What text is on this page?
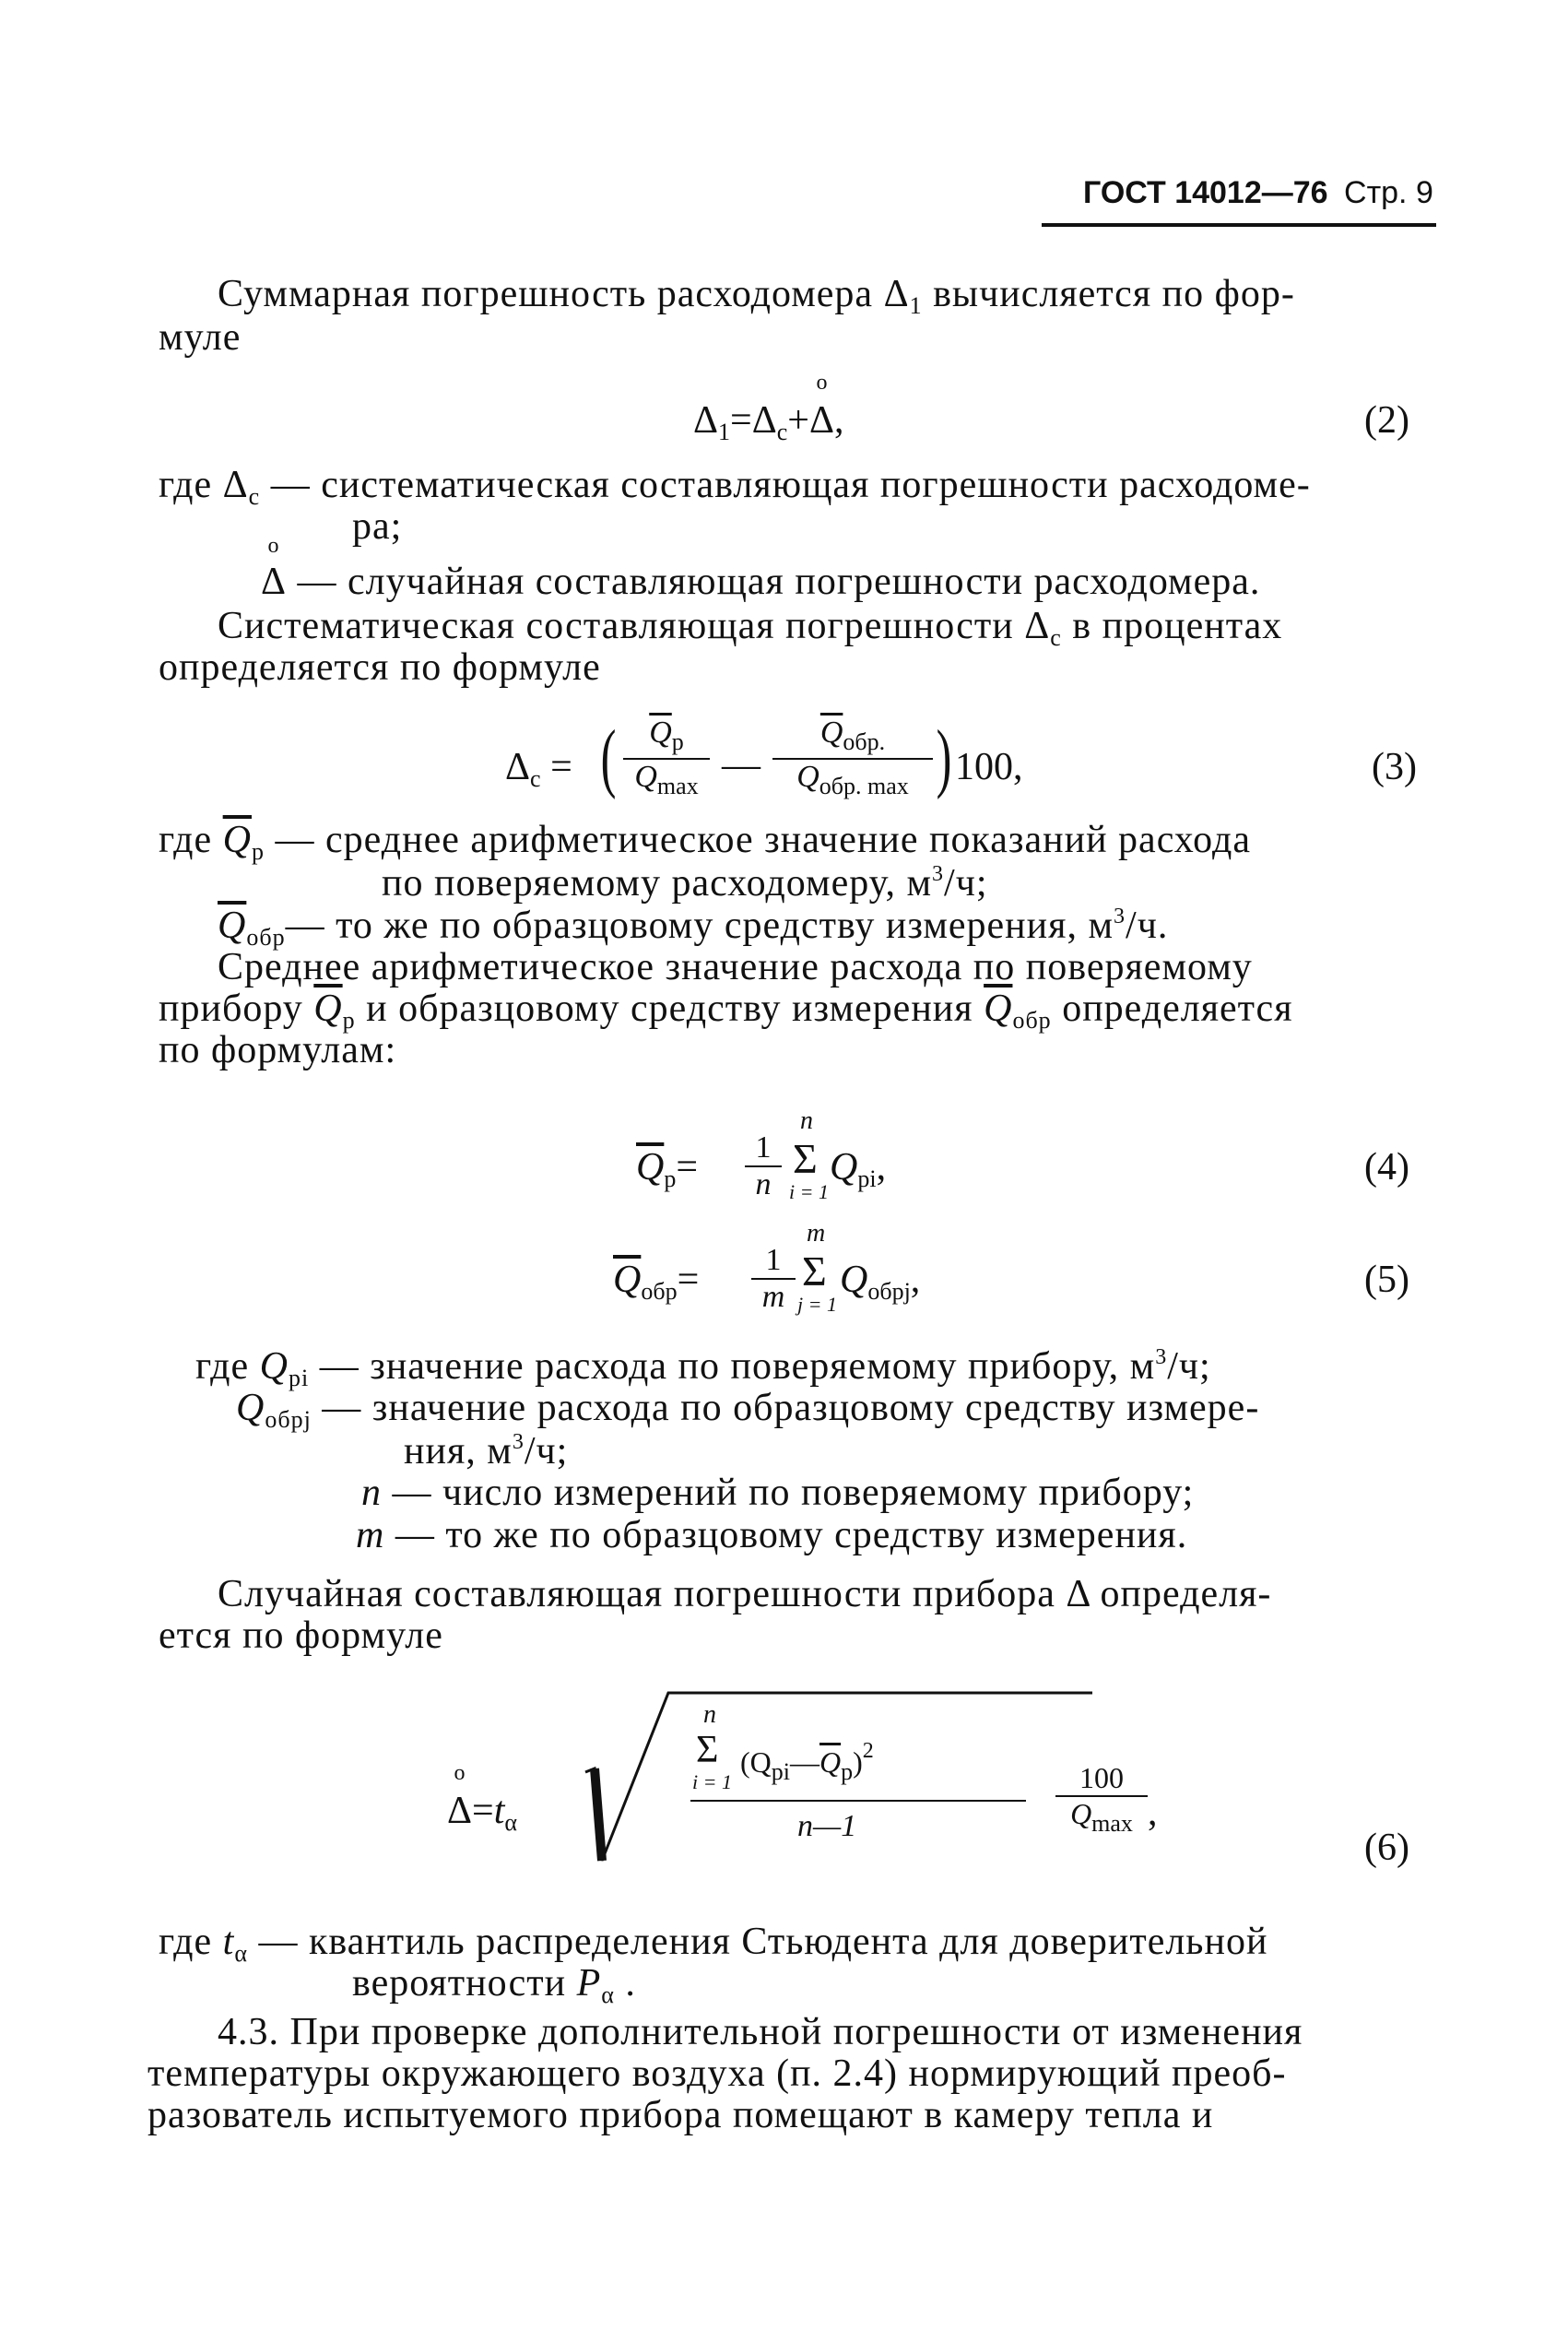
ГОСТ 14012—76 Стр. 9
Суммарная погрешность расходомера $\Delta_1$ вычисляется по фор-
муле
$\Delta_1=\Delta_c+o$ Δ,	(2)
где $\Delta_c$ — систематическая составляющая погрешности расходоме-
ра;
o Δ — случайная составляющая погрешности расходомера.
Систематическая составляющая погрешности $\Delta_c$ в процентах
определяется по формуле
$\Delta_c$ = (	$\overline{Q}_p$
$Q_{max}$ —
$\overline{Q}_{обр.}$
$Q_{обр. max}$ ) 100,	(3)
где $\overline{Q}_p$ — среднее арифметическое значение показаний расхода
по поверяемому расходомеру, $м^3/ч$;
$\overline{Q}_{обр}—$ то же по образцовому средству измерения, $м^3/ч$.
Среднее арифметическое значение расхода по поверяемому
прибору $\overline{Q}_p$ и образцовому средству измерения $\overline{Q}_{обр}$ определяется
по формулам:
$\overline{Q}_p= \frac{1}{n}$
n
Σ
i = 1
$Q_{pi}$,	(4)
$\overline{Q}_{обр}= \frac{1}{m}$
m
Σ
j = 1
$Q_{обрj}$,	(5)
где $Q_{pi}$ — значение расхода по поверяемому прибору, $м^3/ч$;
$Q_{обрj}$ — значение расхода по образцовому средству измере-
ния, $м^3/ч$;
n — число измерений по поверяемому прибору;
m — то же по образцовому средству измерения.
Случайная составляющая погрешности прибора Δ определя-
ется по формуле
o $\Delta=t_\alpha$
n
Σ
i = 1
$(Q_{pi}—\overline{Q}_p)^2$
n—1
100
$Q_{max}$ ,
(6)
где $t_\alpha$ — квантиль распределения Стьюдента для доверительной
вероятности $P_\alpha$ .
4.3. При проверке дополнительной погрешности от изменения
температуры окружающего воздуха (п. 2.4) нормирующий преоб-
разователь испытуемого прибора помещают в камеру тепла и
